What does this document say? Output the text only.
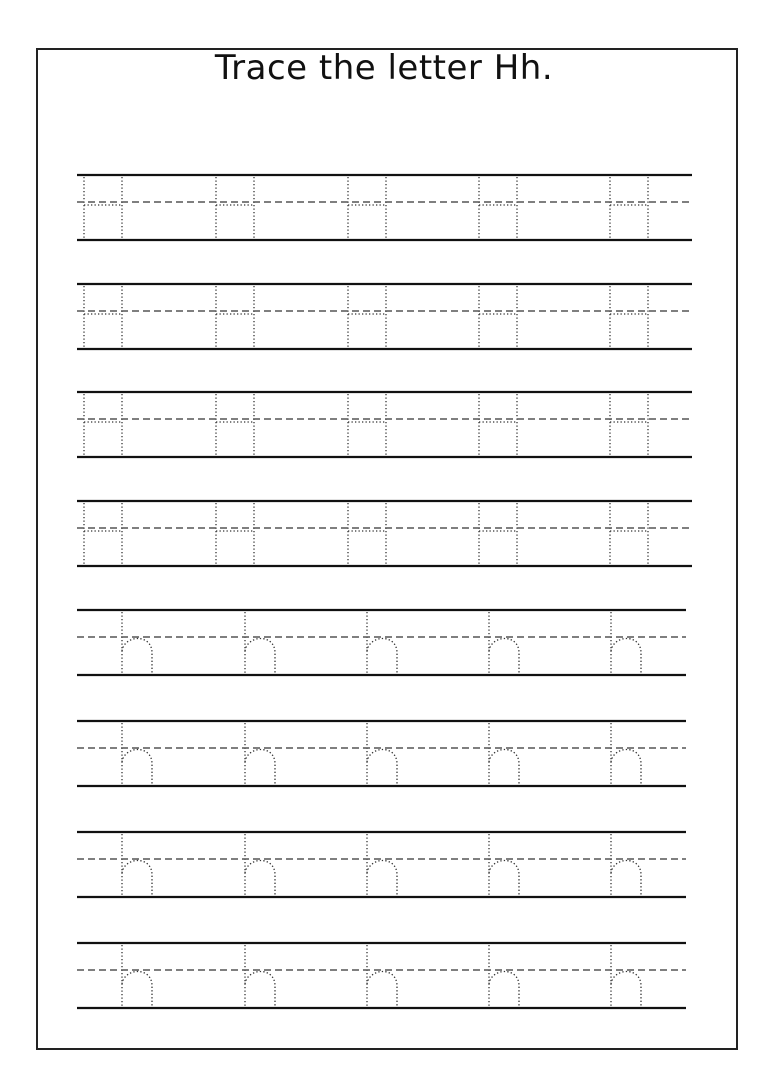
Trace the letter Hh.
